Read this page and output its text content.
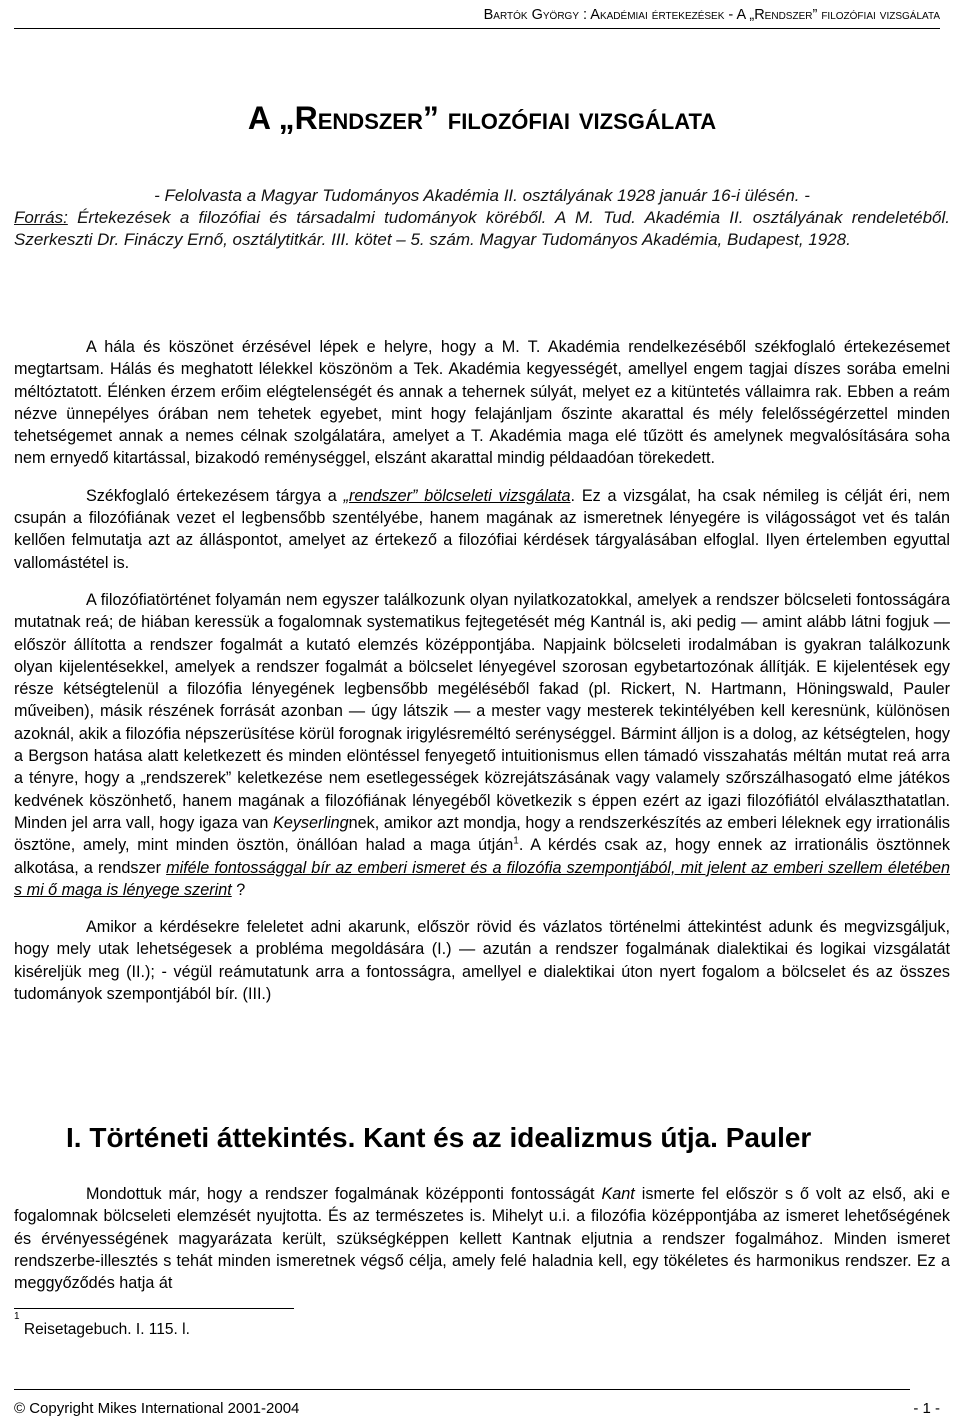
Bartók György : Akadémiai értekezések - A „Rendszer” filozófiai vizsgálata
A „Rendszer” filozófiai vizsgálata
- Felolvasta a Magyar Tudományos Akadémia II. osztályának 1928 január 16-i ülésén. -
Forrás: Értekezések a filozófiai és társadalmi tudományok köréből. A M. Tud. Akadémia II. osztályának rendeletéből. Szerkeszti Dr. Fináczy Ernő, osztálytitkár. III. kötet – 5. szám. Magyar Tudományos Akadémia, Budapest, 1928.

A hála és köszönet érzésével lépek e helyre, hogy a M. T. Akadémia rendelkezéséből székfoglaló értekezésemet megtartsam. Hálás és meghatott lélekkel köszönöm a Tek. Akadémia kegyességét, amellyel engem tagjai díszes sorába emelni méltóztatott. Élénken érzem erőim elégtelenségét és annak a tehernek súlyát, melyet ez a kitüntetés vállaimra rak. Ebben a reám nézve ünnepélyes órában nem tehetek egyebet, mint hogy felajánljam őszinte akarattal és mély felelősségérzettel minden tehetségemet annak a nemes célnak szolgálatára, amelyet a T. Akadémia maga elé tűzött és amelynek megvalósítására soha nem ernyedő kitartással, bizakodó reménységgel, elszánt akarattal mindig példaadóan törekedett.

Székfoglaló értekezésem tárgya a „rendszer” bölcseleti vizsgálata. Ez a vizsgálat, ha csak némileg is célját éri, nem csupán a filozófiának vezet el legbensőbb szentélyébe, hanem magának az ismeretnek lényegére is világosságot vet és talán kellően felmutatja azt az álláspontot, amelyet az értekező a filozófiai kérdések tárgyalásában elfoglal. Ilyen értelemben egyuttal vallomástétel is.

A filozófiatörténet folyamán nem egyszer találkozunk olyan nyilatkozatokkal, amelyek a rendszer bölcseleti fontosságára mutatnak reá; de hiában keressük a fogalomnak systematikus fejtegetését még Kantnál is, aki pedig — amint alább látni fogjuk — először állította a rendszer fogalmát a kutató elemzés középpontjába. Napjaink bölcseleti irodalmában is gyakran találkozunk olyan kijelentésekkel, amelyek a rendszer fogalmát a bölcselet lényegével szorosan egybetartozónak állítják. E kijelentések egy része kétségtelenül a filozófia lényegének legbensőbb megéléséből fakad (pl. Rickert, N. Hartmann, Höningswald, Pauler műveiben), másik részének forrását azonban — úgy látszik — a mester vagy mesterek tekintélyében kell keresnünk, különösen azoknál, akik a filozófia népszerüsítése körül forognak irigylésreméltó serénységgel. Bármint álljon is a dolog, az kétségtelen, hogy a Bergson hatása alatt keletkezett és minden elöntéssel fenyegető intuitionismus ellen támadó visszahatás méltán mutat reá arra a tényre, hogy a „rendszerek” keletkezése nem esetlegességek közrejátszásának vagy valamely szőrszálhasogató elme játékos kedvének köszönhető, hanem magának a filozófiának lényegéből következik s éppen ezért az igazi filozófiától elválaszthatatlan. Minden jel arra vall, hogy igaza van Keyserlingnek, amikor azt mondja, hogy a rendszerkészítés az emberi léleknek egy irrationális ösztöne, amely, mint minden ösztön, önállóan halad a maga útján$^1$. A kérdés csak az, hogy ennek az irrationális ösztönnek alkotása, a rendszer miféle fontossággal bír az emberi ismeret és a filozófia szempontjából, mit jelent az emberi szellem életében s mi ő maga is lényege szerint ?

Amikor a kérdésekre feleletet adni akarunk, először rövid és vázlatos történelmi áttekintést adunk és megvizsgáljuk, hogy mely utak lehetségesek a probléma megoldására (I.) — azután a rendszer fogalmának dialektikai és logikai vizsgálatát kiséreljük meg (II.); - végül reámutatunk arra a fontosságra, amellyel e dialektikai úton nyert fogalom a bölcselet és az összes tudományok szempontjából bír. (III.)

I. Történeti áttekintés. Kant és az idealizmus útja. Pauler

Mondottuk már, hogy a rendszer fogalmának középponti fontosságát Kant ismerte fel először s ő volt az első, aki e fogalomnak bölcseleti elemzését nyujtotta. És az természetes is. Mihelyt u.i. a filozófia középpontjába az ismeret lehetőségének és érvényességének magyarázata került, szükségképpen kellett Kantnak eljutnia a rendszer fogalmához. Minden ismeret rendszerbe-illesztés s tehát minden ismeretnek végső célja, amely felé haladnia kell, egy tökéletes és harmonikus rendszer. Ez a meggyőződés hatja át

$^1$ Reisetagebuch. I. 115. l.
© Copyright Mikes International 2001-2004	- 1 -
